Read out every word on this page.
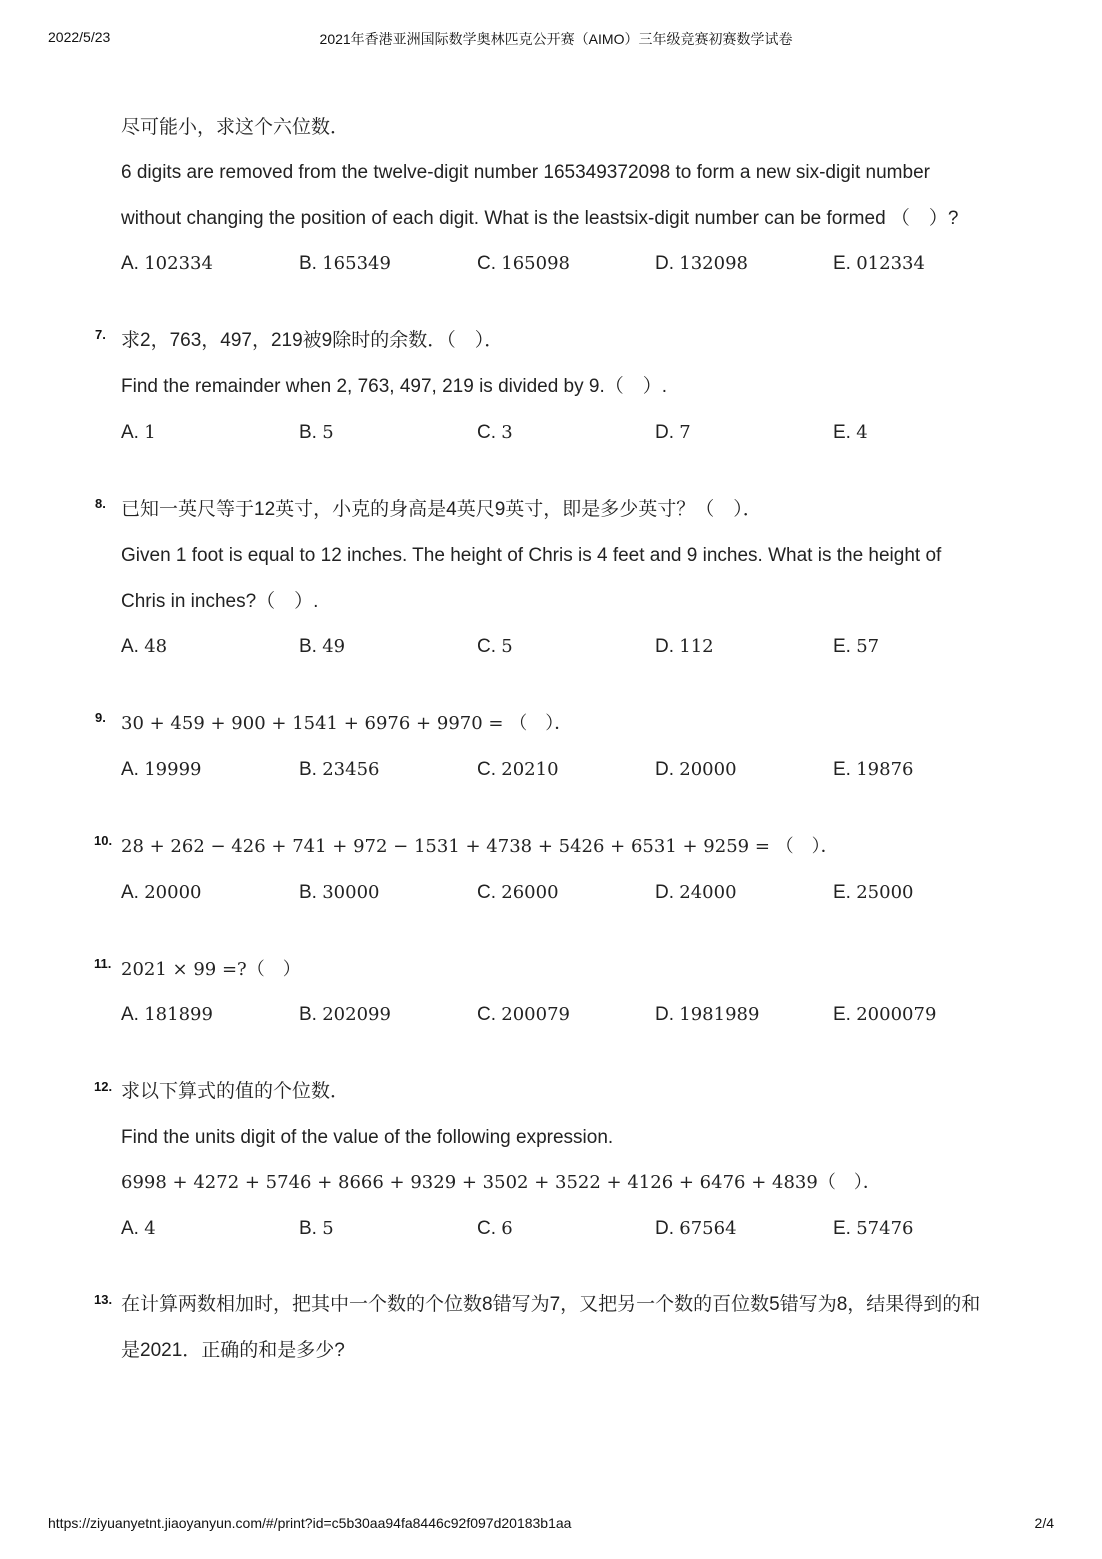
2022/5/23	2021年香港亚洲国际数学奥林匹克公开赛（AIMO）三年级竞赛初赛数学试卷
尽可能小，求这个六位数．
6 digits are removed from the twelve-digit number 165349372098 to form a new six-digit number
without changing the position of each digit. What is the leastsix-digit number can be formed （　）?
A. 102334	B. 165349	C. 165098	D. 132098	E. 012334
7. 求2，763，497，219被9除时的余数．（　）．
Find the remainder when 2, 763, 497, 219 is divided by 9.（　）.
A. 1	B. 5	C. 3	D. 7	E. 4
8. 已知一英尺等于12英寸，小克的身高是4英尺9英寸，即是多少英寸？（　）．
Given 1 foot is equal to 12 inches. The height of Chris is 4 feet and 9 inches. What is the height of
Chris in inches?（　）.
A. 48	B. 49	C. 5	D. 112	E. 57
9. 30 + 459 + 900 + 1541 + 6976 + 9970 = （　）．
A. 19999	B. 23456	C. 20210	D. 20000	E. 19876
10. 28 + 262 − 426 + 741 + 972 − 1531 + 4738 + 5426 + 6531 + 9259 = （　）．
A. 20000	B. 30000	C. 26000	D. 24000	E. 25000
11. 2021 × 99 =?（　）
A. 181899	B. 202099	C. 200079	D. 1981989	E. 2000079
12. 求以下算式的值的个位数．
Find the units digit of the value of the following expression.
6998 + 4272 + 5746 + 8666 + 9329 + 3502 + 3522 + 4126 + 6476 + 4839（　）．
A. 4	B. 5	C. 6	D. 67564	E. 57476
13. 在计算两数相加时，把其中一个数的个位数8错写为7，又把另一个数的百位数5错写为8，结果得到的和
是2021．正确的和是多少?
https://ziyuanyetnt.jiaoyanyun.com/#/print?id=c5b30aa94fa8446c92f097d20183b1aa	2/4
